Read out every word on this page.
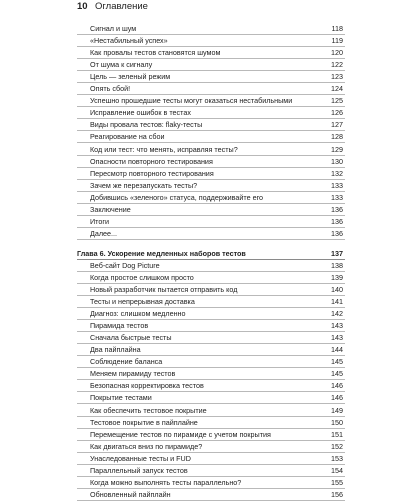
10 Оглавление
Сигнал и шум	118
«Нестабильный успех»	119
Как провалы тестов становятся шумом	120
От шума к сигналу	122
Цель — зеленый режим	123
Опять сбой!	124
Успешно прошедшие тесты могут оказаться нестабильными	125
Исправление ошибок в тестах	126
Виды провала тестов: flaky-тесты	127
Реагирование на сбои	128
Код или тест: что менять, исправляя тесты?	129
Опасности повторного тестирования	130
Пересмотр повторного тестирования	132
Зачем же перезапускать тесты?	133
Добившись «зеленого» статуса, поддерживайте его	133
Заключение	136
Итоги	136
Далее...	136
Глава 6. Ускорение медленных наборов тестов	137
Веб-сайт Dog Picture	138
Когда простое слишком просто	139
Новый разработчик пытается отправить код	140
Тесты и непрерывная доставка	141
Диагноз: слишком медленно	142
Пирамида тестов	143
Сначала быстрые тесты	143
Два пайплайна	144
Соблюдение баланса	145
Меняем пирамиду тестов	145
Безопасная корректировка тестов	146
Покрытие тестами	146
Как обеспечить тестовое покрытие	149
Тестовое покрытие в пайплайне	150
Перемещение тестов по пирамиде с учетом покрытия	151
Как двигаться вниз по пирамиде?	152
Унаследованные тесты и FUD	153
Параллельный запуск тестов	154
Когда можно выполнять тесты параллельно?	155
Обновленный пайплайн	156
